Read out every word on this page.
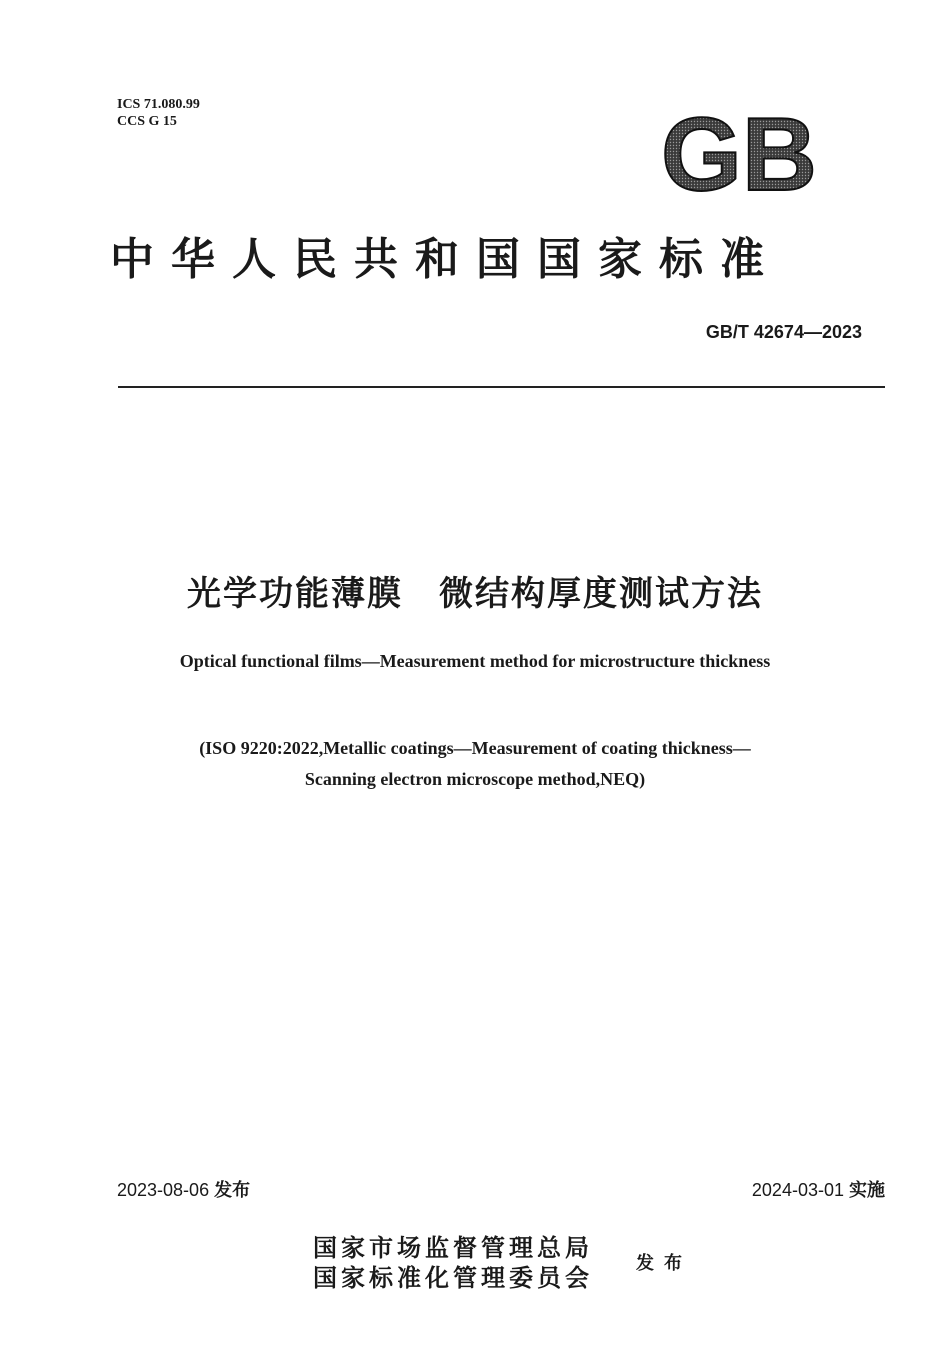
ICS 71.080.99
CCS G 15	GB
中华人民共和国国家标准
GB/T 42674—2023
光学功能薄膜　微结构厚度测试方法
Optical functional films—Measurement method for microstructure thickness
(ISO 9220:2022,Metallic coatings—Measurement of coating thickness—
Scanning electron microscope method,NEQ)
2023-08-06 发布	2024-03-01 实施
国家市场监督管理总局
国家标准化管理委员会 发布
